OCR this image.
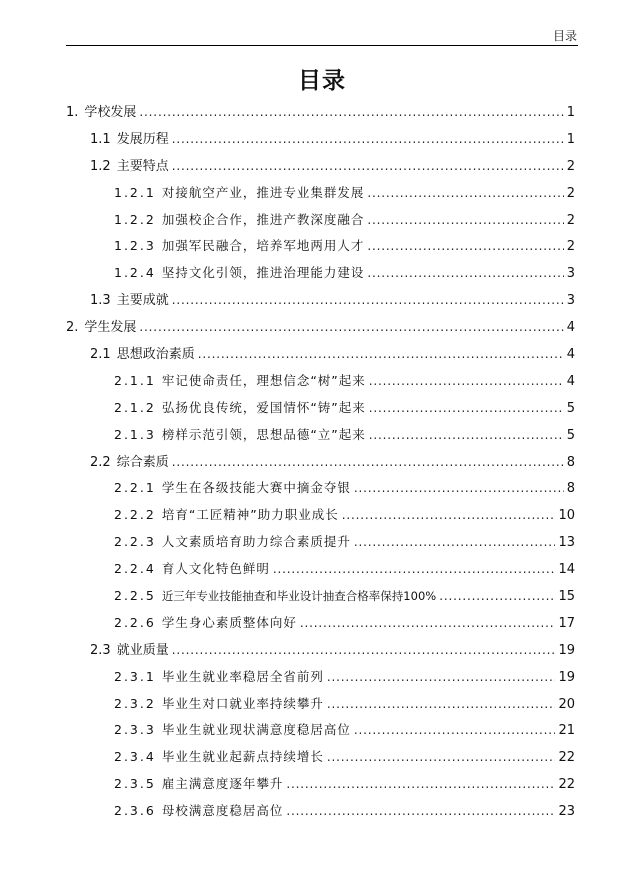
目录
目录
1. 学校发展 . . .	1
1.1 发展历程 . . .	1
1.2 主要特点 . . .	2
1.2.1 对接航空产业，推进专业集群发展 . . .	2
1.2.2 加强校企合作，推进产教深度融合 . . .	2
1.2.3 加强军民融合，培养军地两用人才 . . .	2
1.2.4 坚持文化引领，推进治理能力建设 . . .	3
1.3 主要成就 . . .	3
2. 学生发展 . . .	4
2.1 思想政治素质 . . .	4
2.1.1 牢记使命责任，理想信念“树”起来 . . .	4
2.1.2 弘扬优良传统，爱国情怀“铸”起来 . . .	5
2.1.3 榜样示范引领，思想品德“立”起来 . . .	5
2.2 综合素质 . . .	8
2.2.1 学生在各级技能大赛中摘金夺银 . . .	8
2.2.2 培育“工匠精神”助力职业成长 . . .	10
2.2.3 人文素质培育助力综合素质提升 . . .	13
2.2.4 育人文化特色鲜明 . . .	14
2.2.5 近三年专业技能抽查和毕业设计抽查合格率保持100% . . .	15
2.2.6 学生身心素质整体向好 . . .	17
2.3 就业质量 . . .	19
2.3.1 毕业生就业率稳居全省前列 . . .	19
2.3.2 毕业生对口就业率持续攀升 . . .	20
2.3.3 毕业生就业现状满意度稳居高位 . . .	21
2.3.4 毕业生就业起薪点持续增长 . . .	22
2.3.5 雇主满意度逐年攀升 . . .	22
2.3.6 母校满意度稳居高位 . . .	23
